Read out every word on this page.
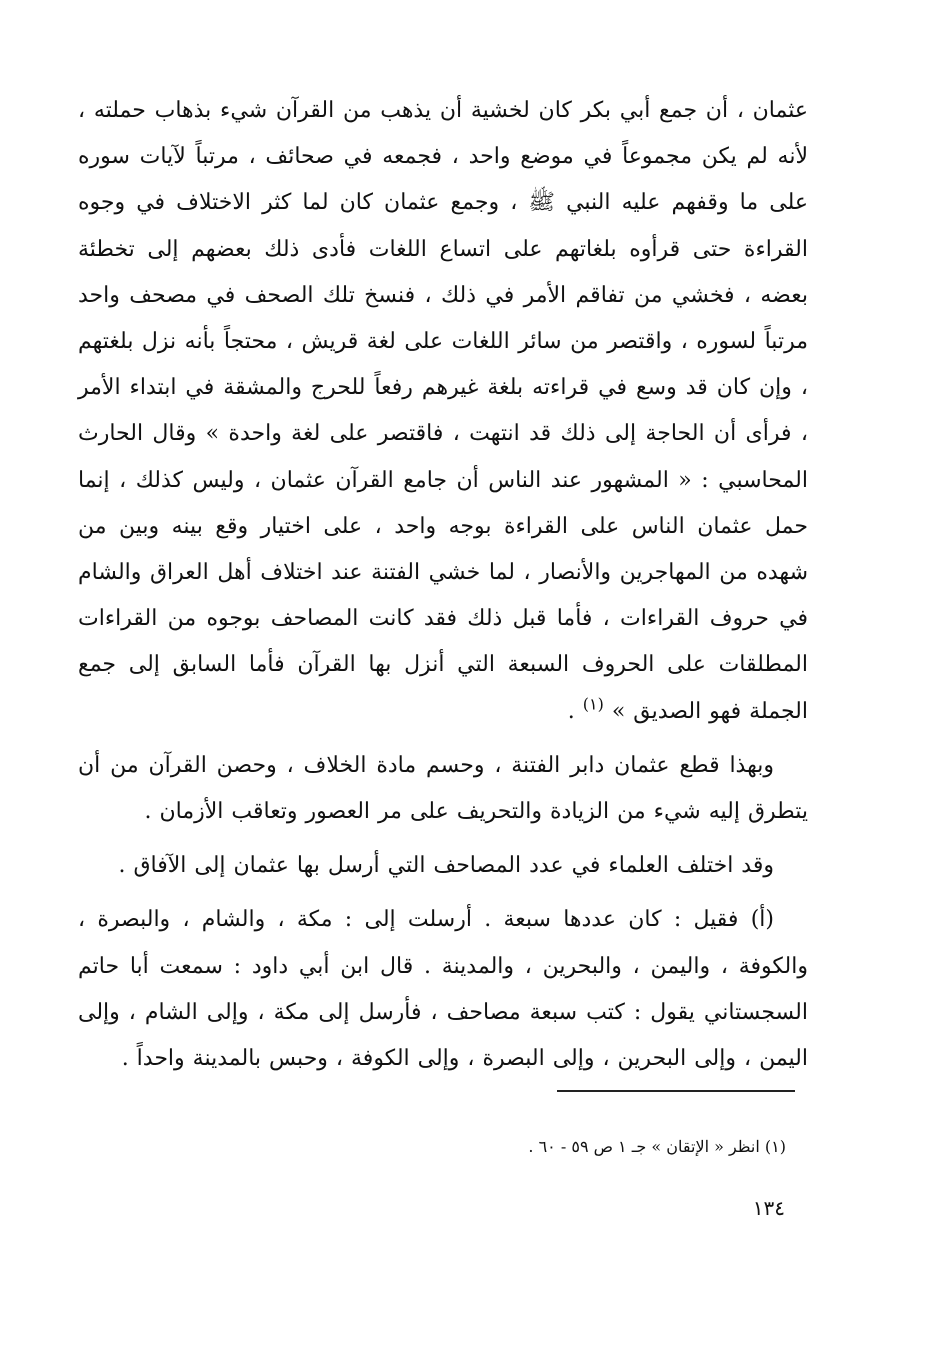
عثمان ، أن جمع أبي بكر كان لخشية أن يذهب من القرآن شيء بذهاب حملته ، لأنه لم يكن مجموعاً في موضع واحد ، فجمعه في صحائف ، مرتباً لآيات سوره على ما وقفهم عليه النبي ﷺ ، وجمع عثمان كان لما كثر الاختلاف في وجوه القراءة حتى قرأوه بلغاتهم على اتساع اللغات فأدى ذلك بعضهم إلى تخطئة بعضه ، فخشي من تفاقم الأمر في ذلك ، فنسخ تلك الصحف في مصحف واحد مرتباً لسوره ، واقتصر من سائر اللغات على لغة قريش ، محتجاً بأنه نزل بلغتهم ، وإن كان قد وسع في قراءته بلغة غيرهم رفعاً للحرج والمشقة في ابتداء الأمر ، فرأى أن الحاجة إلى ذلك قد انتهت ، فاقتصر على لغة واحدة » وقال الحارث المحاسبي : « المشهور عند الناس أن جامع القرآن عثمان ، وليس كذلك ، إنما حمل عثمان الناس على القراءة بوجه واحد ، على اختيار وقع بينه وبين من شهده من المهاجرين والأنصار ، لما خشي الفتنة عند اختلاف أهل العراق والشام في حروف القراءات ، فأما قبل ذلك فقد كانت المصاحف بوجوه من القراءات المطلقات على الحروف السبعة التي أنزل بها القرآن فأما السابق إلى جمع الجملة فهو الصديق » $^{(١)}$ .

وبهذا قطع عثمان دابر الفتنة ، وحسم مادة الخلاف ، وحصن القرآن من أن يتطرق إليه شيء من الزيادة والتحريف على مر العصور وتعاقب الأزمان .

وقد اختلف العلماء في عدد المصاحف التي أرسل بها عثمان إلى الآفاق .

(أ) فقيل : كان عددها سبعة . أرسلت إلى : مكة ، والشام ، والبصرة ، والكوفة ، واليمن ، والبحرين ، والمدينة . قال ابن أبي داود : سمعت أبا حاتم السجستاني يقول : كتب سبعة مصاحف ، فأرسل إلى مكة ، وإلى الشام ، وإلى اليمن ، وإلى البحرين ، وإلى البصرة ، وإلى الكوفة ، وحبس بالمدينة واحداً .

(١) انظر « الإتقان » جـ ١ ص ٥٩ - ٦٠ .
١٣٤
